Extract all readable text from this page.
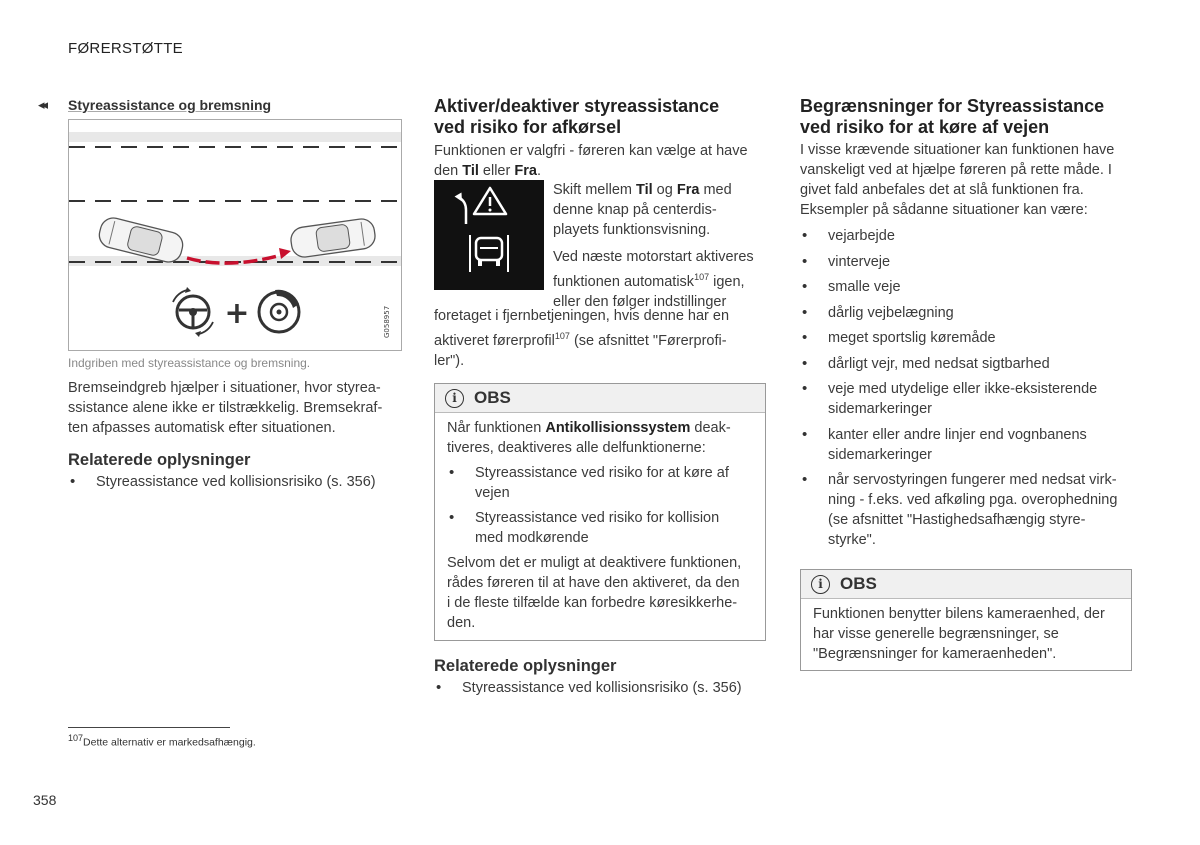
FØRERSTØTTE
◂◂	Styreassistance og bremsning
+	G058957
Indgriben med styreassistance og bremsning.

Bremseindgreb hjælper i situationer, hvor styrea-

ssistance alene ikke er tilstrækkelig. Bremsekraf-

ten afpasses automatisk efter situationen.

Relaterede oplysninger
• Styreassistance ved kollisionsrisiko (s. 356)
Aktiver/deaktiver styreassistance
ved risiko for afkørsel

Funktionen er valgfri - føreren kan vælge at have

den Til eller Fra.

Skift mellem Til og Fra med

denne knap på centerdis-

playets funktionsvisning.

Ved næste motorstart aktiveres

funktionen automatisk$^{107}$ igen,

eller den følger indstillinger

foretaget i fjernbetjeningen, hvis denne har en

aktiveret førerprofil$^{107}$ (se afsnittet "Førerprofi-

ler").

i	OBS

Når funktionen Antikollisionssystem deak-

tiveres, deaktiveres alle delfunktionerne:

• Styreassistance ved risiko for at køre af
vejen
• Styreassistance ved risiko for kollision
med modkørende

Selvom det er muligt at deaktivere funktionen,

rådes føreren til at have den aktiveret, da den

i de fleste tilfælde kan forbedre køresikkerhe-

den.

Relaterede oplysninger
• Styreassistance ved kollisionsrisiko (s. 356)
Begrænsninger for Styreassistance
ved risiko for at køre af vejen

I visse krævende situationer kan funktionen have

vanskeligt ved at hjælpe føreren på rette måde. I

givet fald anbefales det at slå funktionen fra.

Eksempler på sådanne situationer kan være:

• vejarbejde
• vinterveje
• smalle veje
• dårlig vejbelægning
• meget sportslig køremåde
• dårligt vejr, med nedsat sigtbarhed
• veje med utydelige eller ikke-eksisterende
sidemarkeringer
• kanter eller andre linjer end vognbanens
sidemarkeringer
• når servostyringen fungerer med nedsat virk-
ning - f.eks. ved afkøling pga. overophedning
(se afsnittet "Hastighedsafhængig styre-
styrke".
i	OBS

Funktionen benytter bilens kameraenhed, der

har visse generelle begrænsninger, se

"Begrænsninger for kameraenheden".

$^{107}$Dette alternativ er markedsafhængig.
358
